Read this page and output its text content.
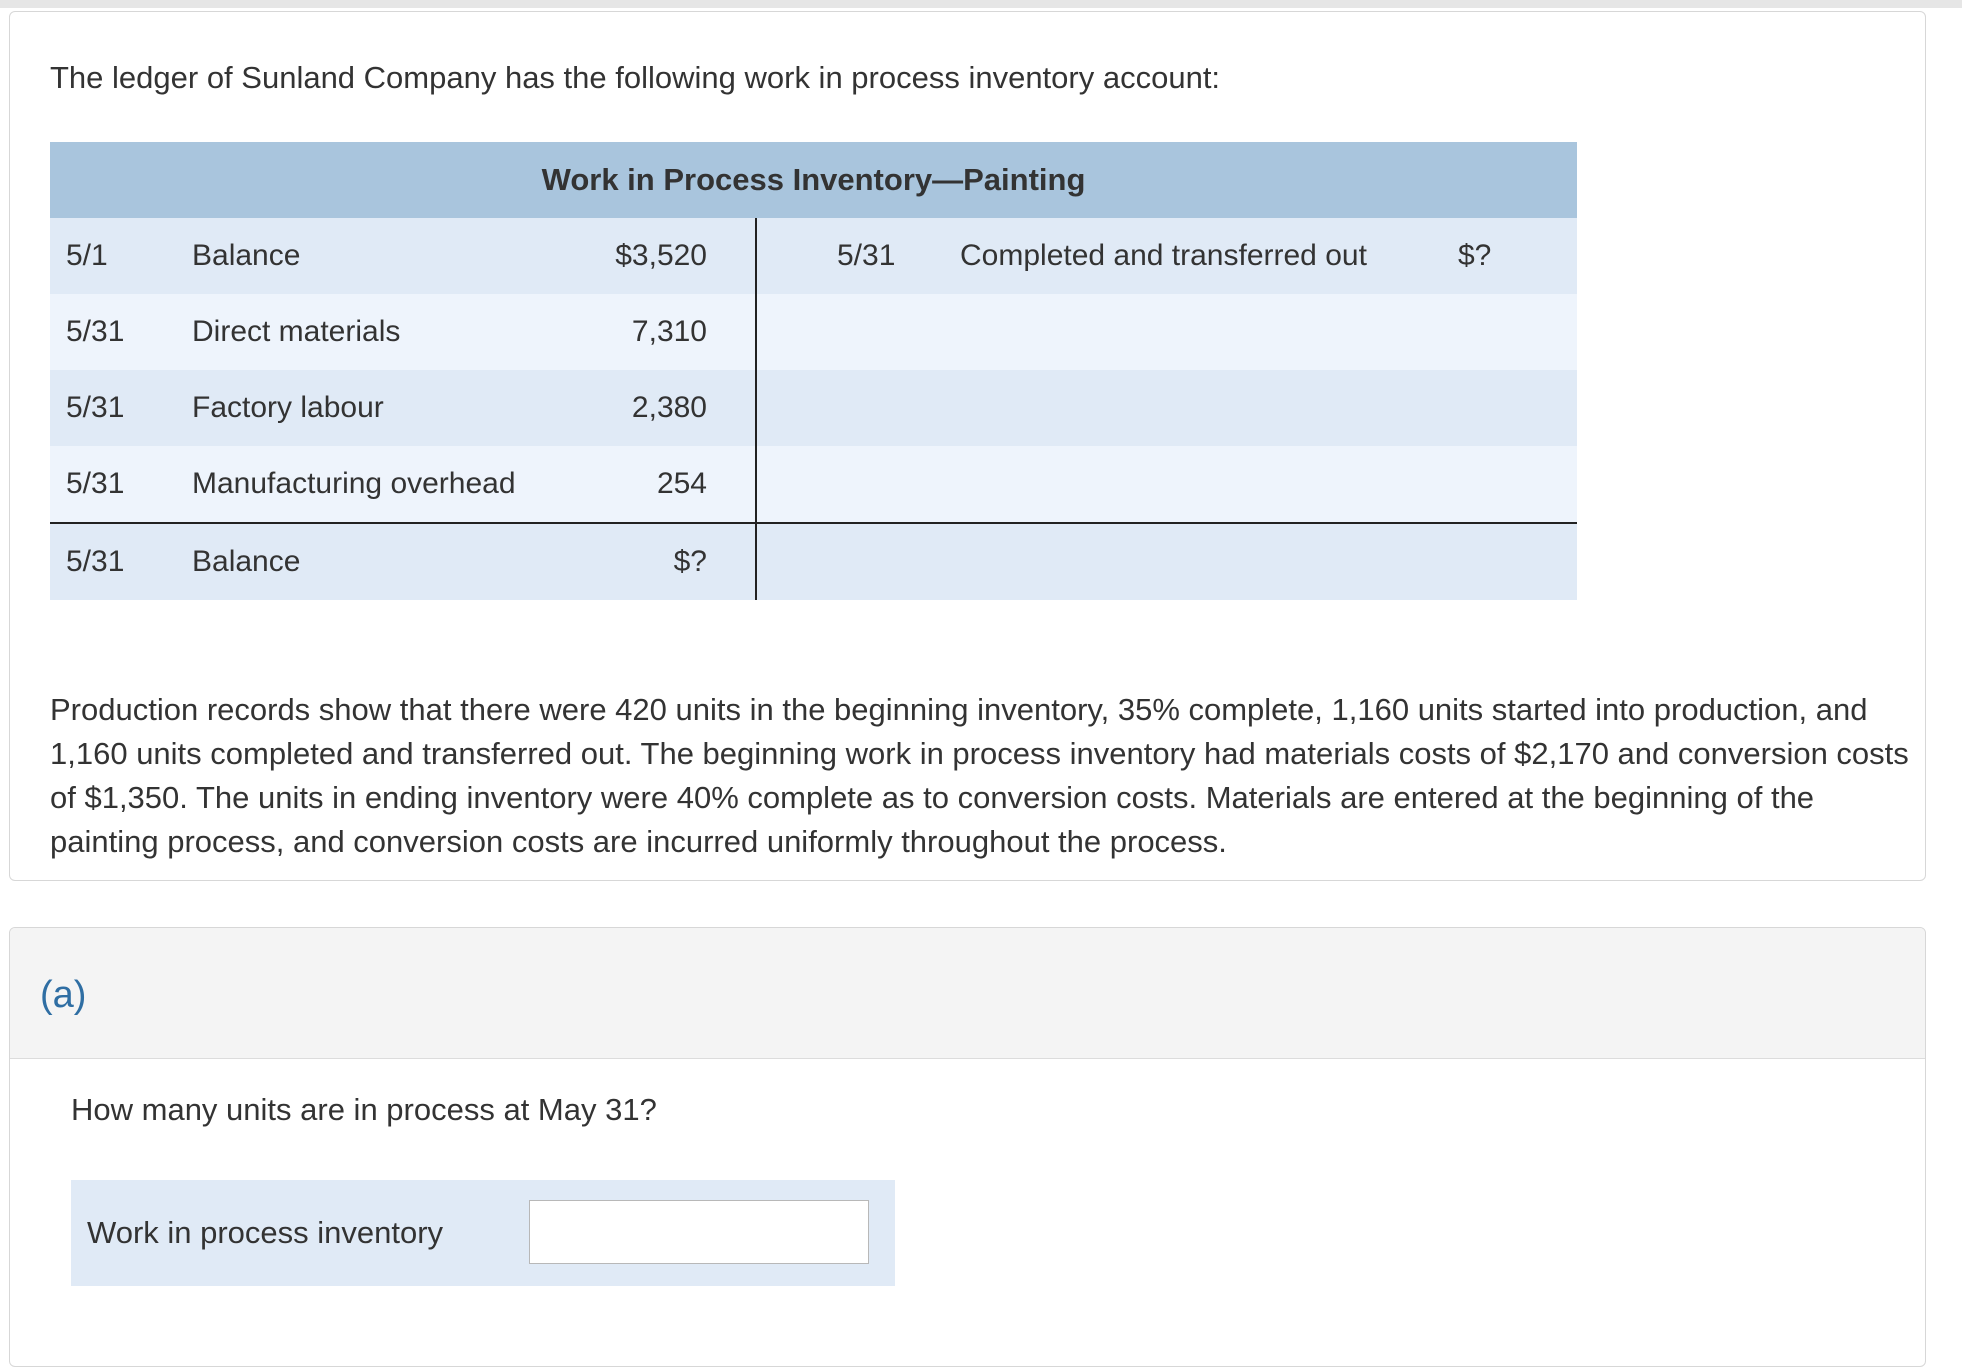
The ledger of Sunland Company has the following work in process inventory account:

Work in Process Inventory—Painting					
5/1	Balance	$3,520	5/31	Completed and transferred out	$?
5/31	Direct materials	7,310			
5/31	Factory labour	2,380			
5/31	Manufacturing overhead	254			
5/31	Balance	$?			

Production records show that there were 420 units in the beginning inventory, 35% complete, 1,160 units started into production, and 1,160 units completed and transferred out. The beginning work in process inventory had materials costs of $2,170 and conversion costs of $1,350. The units in ending inventory were 40% complete as to conversion costs. Materials are entered at the beginning of the painting process, and conversion costs are incurred uniformly throughout the process.

(a)

How many units are in process at May 31?

Work in process inventory
